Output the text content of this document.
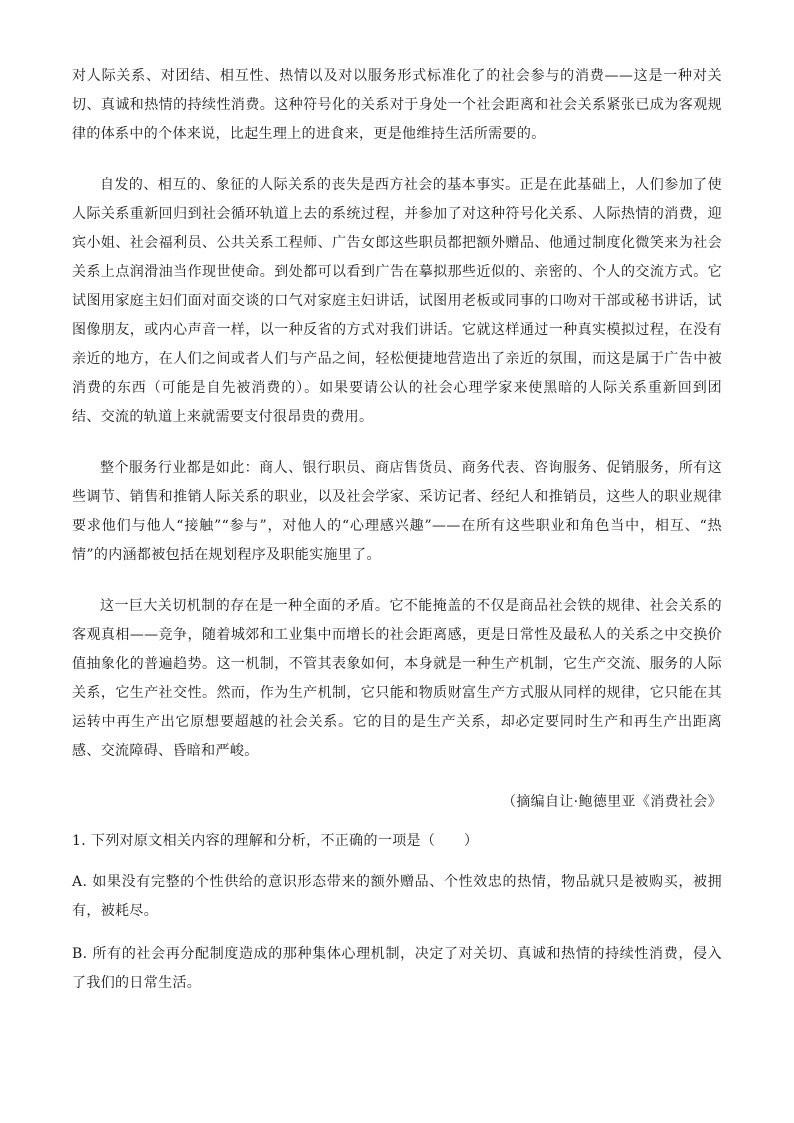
对人际关系、对团结、相互性、热情以及对以服务形式标准化了的社会参与的消费——这是一种对关切、真诚和热情的持续性消费。这种符号化的关系对于身处一个社会距离和社会关系紧张已成为客观规律的体系中的个体来说，比起生理上的进食来，更是他维持生活所需要的。

自发的、相互的、象征的人际关系的丧失是西方社会的基本事实。正是在此基础上，人们参加了使人际关系重新回归到社会循环轨道上去的系统过程，并参加了对这种符号化关系、人际热情的消费，迎宾小姐、社会福利员、公共关系工程师、广告女郎这些职员都把额外赠品、他通过制度化微笑来为社会关系上点润滑油当作现世使命。到处都可以看到广告在摹拟那些近似的、亲密的、个人的交流方式。它试图用家庭主妇们面对面交谈的口气对家庭主妇讲话，试图用老板或同事的口吻对干部或秘书讲话，试图像朋友，或内心声音一样，以一种反省的方式对我们讲话。它就这样通过一种真实模拟过程，在没有亲近的地方，在人们之间或者人们与产品之间，轻松便捷地营造出了亲近的氛围，而这是属于广告中被消费的东西（可能是自先被消费的）。如果要请公认的社会心理学家来使黑暗的人际关系重新回到团结、交流的轨道上来就需要支付很昂贵的费用。

整个服务行业都是如此：商人、银行职员、商店售货员、商务代表、咨询服务、促销服务，所有这些调节、销售和推销人际关系的职业，以及社会学家、采访记者、经纪人和推销员，这些人的职业规律要求他们与他人“接触”“参与”，对他人的“心理感兴趣”——在所有这些职业和角色当中，相互、“热情”的内涵都被包括在规划程序及职能实施里了。

这一巨大关切机制的存在是一种全面的矛盾。它不能掩盖的不仅是商品社会铁的规律、社会关系的客观真相——竞争，随着城郊和工业集中而增长的社会距离感，更是日常性及最私人的关系之中交换价值抽象化的普遍趋势。这一机制，不管其表象如何，本身就是一种生产机制，它生产交流、服务的人际关系，它生产社交性。然而，作为生产机制，它只能和物质财富生产方式服从同样的规律，它只能在其运转中再生产出它原想要超越的社会关系。它的目的是生产关系，却必定要同时生产和再生产出距离感、交流障碍、昏暗和严峻。

（摘编自让·鲍德里亚《消费社会》
1. 下列对原文相关内容的理解和分析，不正确的一项是（　　）
A. 如果没有完整的个性供给的意识形态带来的额外赠品、个性效忠的热情，物品就只是被购买，被拥有，被耗尽。
B. 所有的社会再分配制度造成的那种集体心理机制，决定了对关切、真诚和热情的持续性消费，侵入了我们的日常生活。
